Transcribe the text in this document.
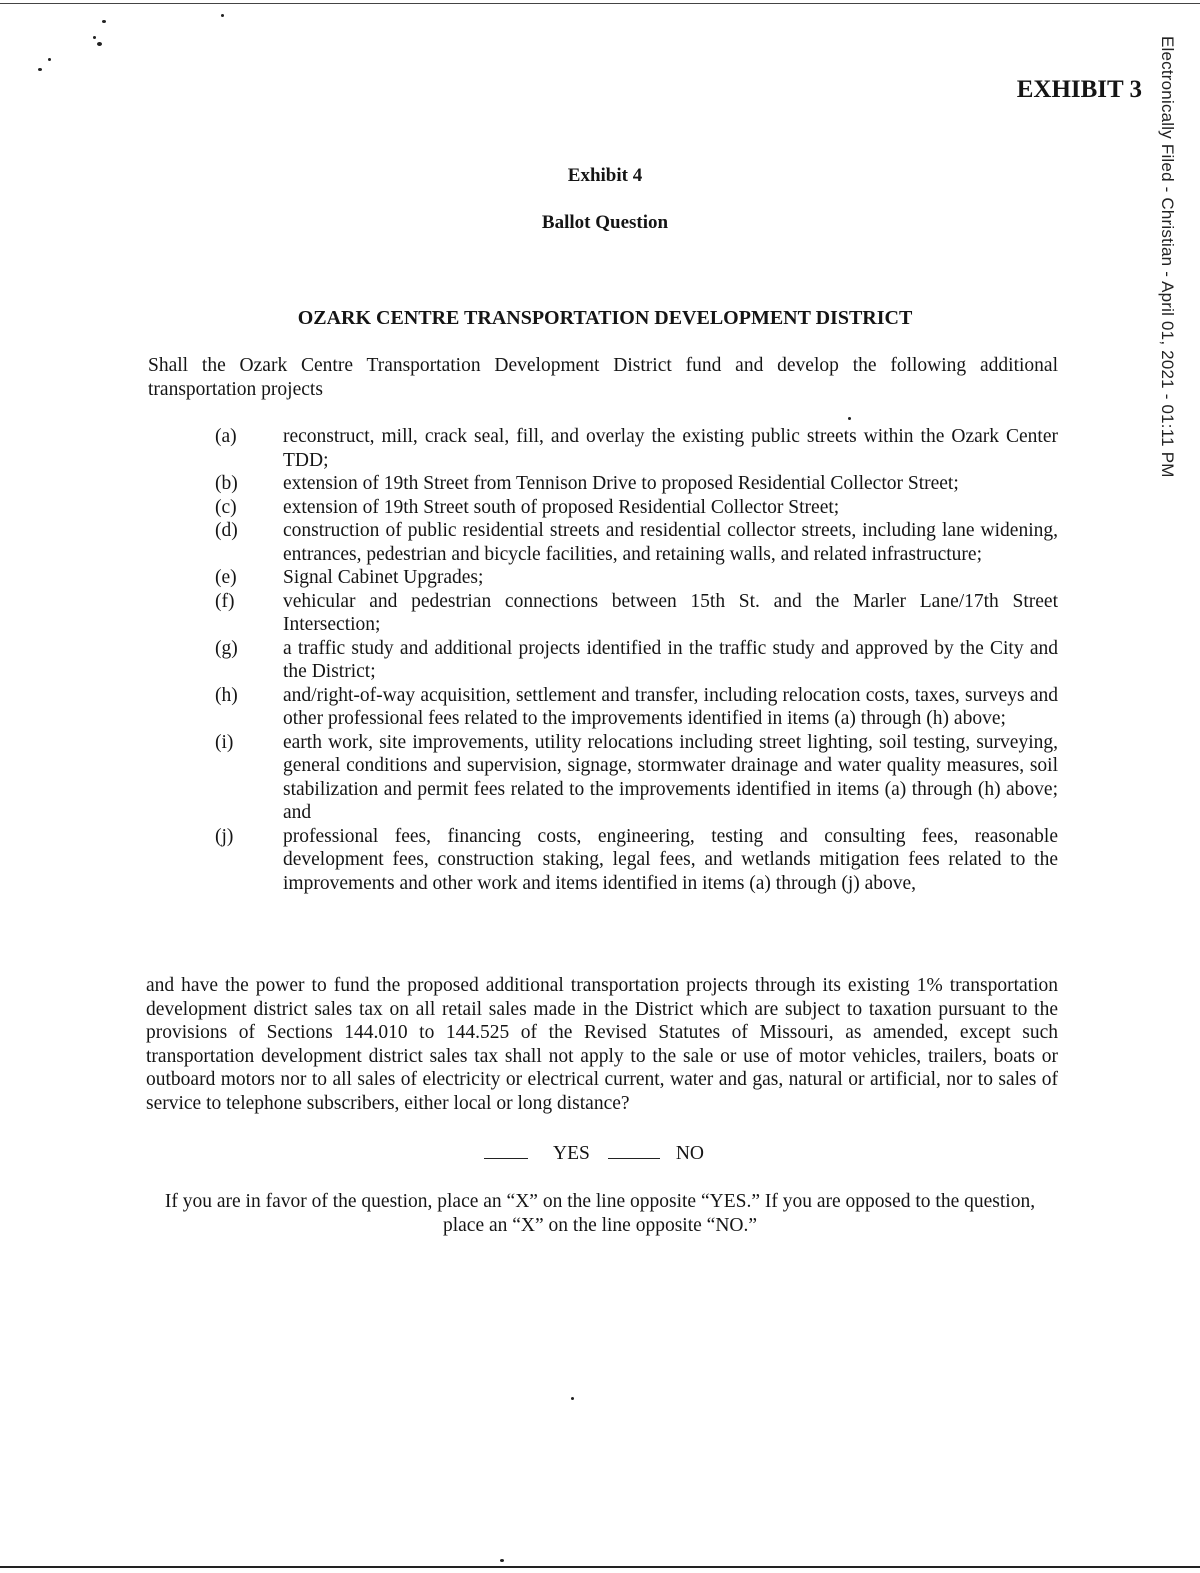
Electronically Filed - Christian - April 01, 2021 - 01:11 PM
EXHIBIT 3
Exhibit 4
Ballot Question
OZARK CENTRE TRANSPORTATION DEVELOPMENT DISTRICT
Shall the Ozark Centre Transportation Development District fund and develop the following additional transportation projects
(a)	reconstruct, mill, crack seal, fill, and overlay the existing public streets within the Ozark Center TDD;
(b)	extension of 19th Street from Tennison Drive to proposed Residential Collector Street;
(c)	extension of 19th Street south of proposed Residential Collector Street;
(d)	construction of public residential streets and residential collector streets, including lane widening, entrances, pedestrian and bicycle facilities, and retaining walls, and related infrastructure;
(e)	Signal Cabinet Upgrades;
(f)	vehicular and pedestrian connections between 15th St. and the Marler Lane/17th Street Intersection;
(g)	a traffic study and additional projects identified in the traffic study and approved by the City and the District;
(h)	and/right-of-way acquisition, settlement and transfer, including relocation costs, taxes, surveys and other professional fees related to the improvements identified in items (a) through (h) above;
(i)	earth work, site improvements, utility relocations including street lighting, soil testing, surveying, general conditions and supervision, signage, stormwater drainage and water quality measures, soil stabilization and permit fees related to the improvements identified in items (a) through (h) above; and
(j)	professional fees, financing costs, engineering, testing and consulting fees, reasonable development fees, construction staking, legal fees, and wetlands mitigation fees related to the improvements and other work and items identified in items (a) through (j) above,
and have the power to fund the proposed additional transportation projects through its existing 1% transportation development district sales tax on all retail sales made in the District which are subject to taxation pursuant to the provisions of Sections 144.010 to 144.525 of the Revised Statutes of Missouri, as amended, except such transportation development district sales tax shall not apply to the sale or use of motor vehicles, trailers, boats or outboard motors nor to all sales of electricity or electrical current, water and gas, natural or artificial, nor to sales of service to telephone subscribers, either local or long distance?
YES	NO
If you are in favor of the question, place an “X” on the line opposite “YES.” If you are opposed to the question, place an “X” on the line opposite “NO.”
